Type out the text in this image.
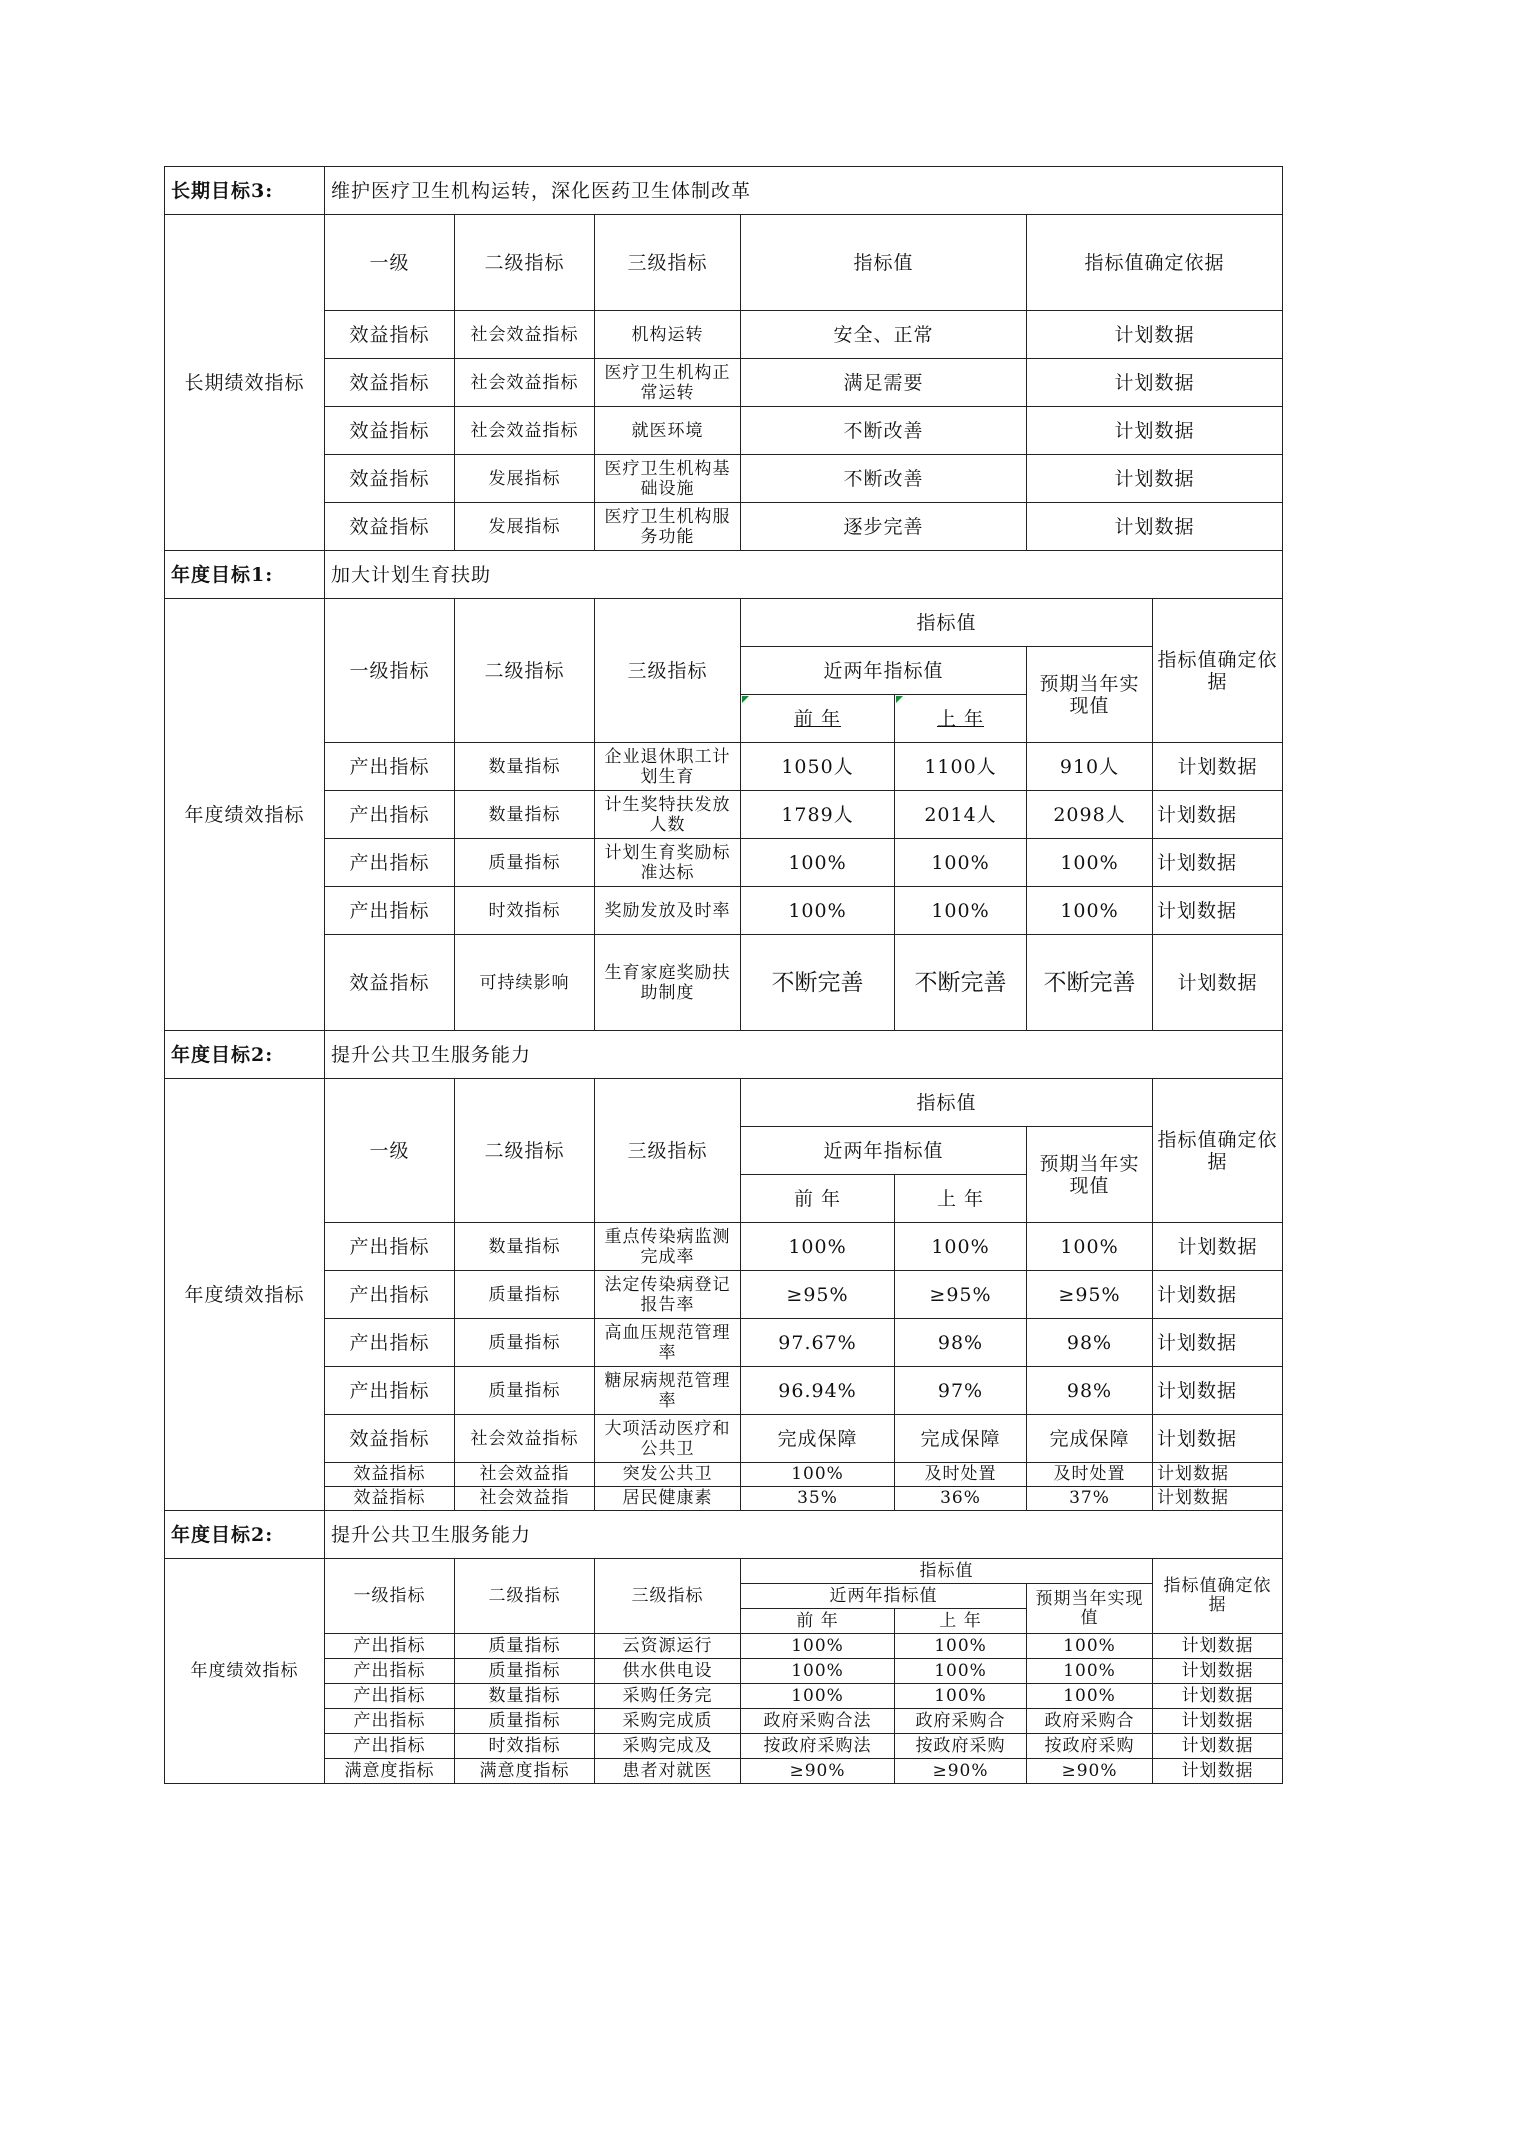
长期目标3:	维护医疗卫生机构运转，深化医药卫生体制改革						
长期绩效指标	一级	二级指标	三级指标	指标值		指标值确定依据	
	效益指标	社会效益指标	机构运转	安全、正常		计划数据	
	效益指标	社会效益指标	医疗卫生机构正常运转	满足需要		计划数据	
	效益指标	社会效益指标	就医环境	不断改善		计划数据	
	效益指标	发展指标	医疗卫生机构基础设施	不断改善		计划数据	
	效益指标	发展指标	医疗卫生机构服务功能	逐步完善		计划数据	
年度目标1:	加大计划生育扶助						
年度绩效指标	一级指标	二级指标	三级指标	指标值			指标值确定依据
				近两年指标值		预期当年实现值	
				前 年	上 年		
	产出指标	数量指标	企业退休职工计划生育	1050人	1100人	910人	计划数据
	产出指标	数量指标	计生奖特扶发放人数	1789人	2014人	2098人	计划数据
	产出指标	质量指标	计划生育奖励标准达标	100%	100%	100%	计划数据
	产出指标	时效指标	奖励发放及时率	100%	100%	100%	计划数据
	效益指标	可持续影响	生育家庭奖励扶助制度	不断完善	不断完善	不断完善	计划数据
年度目标2:	提升公共卫生服务能力						
年度绩效指标	一级	二级指标	三级指标	指标值			指标值确定依据
				近两年指标值		预期当年实现值	
				前 年	上 年		
	产出指标	数量指标	重点传染病监测完成率	100%	100%	100%	计划数据
	产出指标	质量指标	法定传染病登记报告率	≥95%	≥95%	≥95%	计划数据
	产出指标	质量指标	高血压规范管理率	97.67%	98%	98%	计划数据
	产出指标	质量指标	糖尿病规范管理率	96.94%	97%	98%	计划数据
	效益指标	社会效益指标	大项活动医疗和公共卫	完成保障	完成保障	完成保障	计划数据
	效益指标	社会效益指	突发公共卫	100%	及时处置	及时处置	计划数据
	效益指标	社会效益指	居民健康素	35%	36%	37%	计划数据
年度目标2:	提升公共卫生服务能力						
年度绩效指标	一级指标	二级指标	三级指标	指标值			指标值确定依据
				近两年指标值		预期当年实现值	
				前 年	上 年		
	产出指标	质量指标	云资源运行	100%	100%	100%	计划数据
	产出指标	质量指标	供水供电设	100%	100%	100%	计划数据
	产出指标	数量指标	采购任务完	100%	100%	100%	计划数据
	产出指标	质量指标	采购完成质	政府采购合法	政府采购合	政府采购合	计划数据
	产出指标	时效指标	采购完成及	按政府采购法	按政府采购	按政府采购	计划数据
	满意度指标	满意度指标	患者对就医	≥90%	≥90%	≥90%	计划数据
